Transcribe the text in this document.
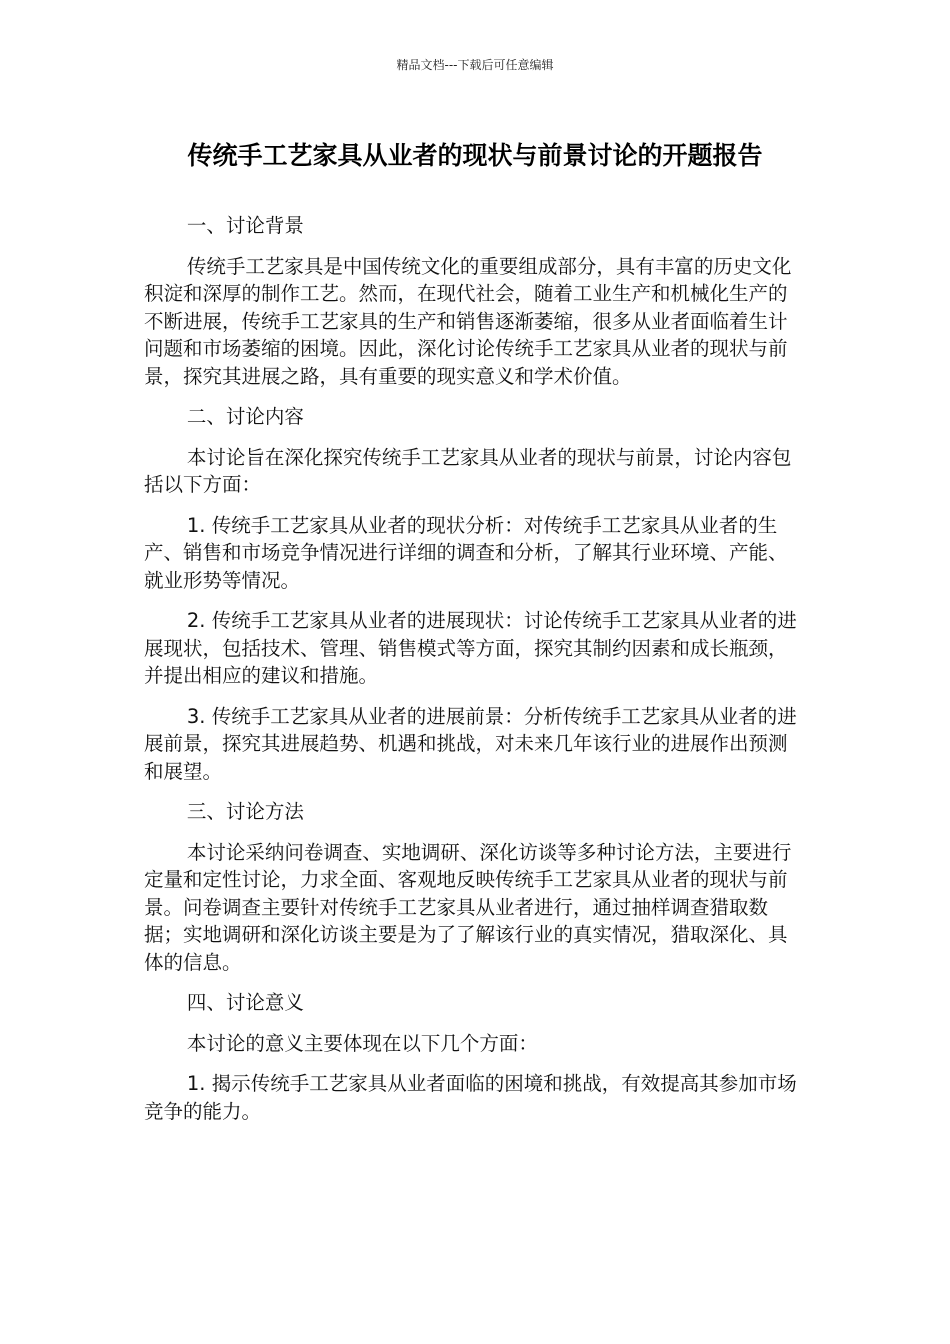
精品文档---下载后可任意编辑
传统手工艺家具从业者的现状与前景讨论的开题报告

一、讨论背景

传统手工艺家具是中国传统文化的重要组成部分，具有丰富的历史文化积淀和深厚的制作工艺。然而，在现代社会，随着工业生产和机械化生产的不断进展，传统手工艺家具的生产和销售逐渐萎缩，很多从业者面临着生计问题和市场萎缩的困境。因此，深化讨论传统手工艺家具从业者的现状与前景，探究其进展之路，具有重要的现实意义和学术价值。

二、讨论内容

本讨论旨在深化探究传统手工艺家具从业者的现状与前景，讨论内容包括以下方面：

1. 传统手工艺家具从业者的现状分析：对传统手工艺家具从业者的生产、销售和市场竞争情况进行详细的调查和分析，了解其行业环境、产能、就业形势等情况。

2. 传统手工艺家具从业者的进展现状：讨论传统手工艺家具从业者的进展现状，包括技术、管理、销售模式等方面，探究其制约因素和成长瓶颈，并提出相应的建议和措施。

3. 传统手工艺家具从业者的进展前景：分析传统手工艺家具从业者的进展前景，探究其进展趋势、机遇和挑战，对未来几年该行业的进展作出预测和展望。

三、讨论方法

本讨论采纳问卷调查、实地调研、深化访谈等多种讨论方法，主要进行定量和定性讨论，力求全面、客观地反映传统手工艺家具从业者的现状与前景。问卷调查主要针对传统手工艺家具从业者进行，通过抽样调查猎取数据；实地调研和深化访谈主要是为了了解该行业的真实情况，猎取深化、具体的信息。

四、讨论意义

本讨论的意义主要体现在以下几个方面：

1. 揭示传统手工艺家具从业者面临的困境和挑战，有效提高其参加市场竞争的能力。
